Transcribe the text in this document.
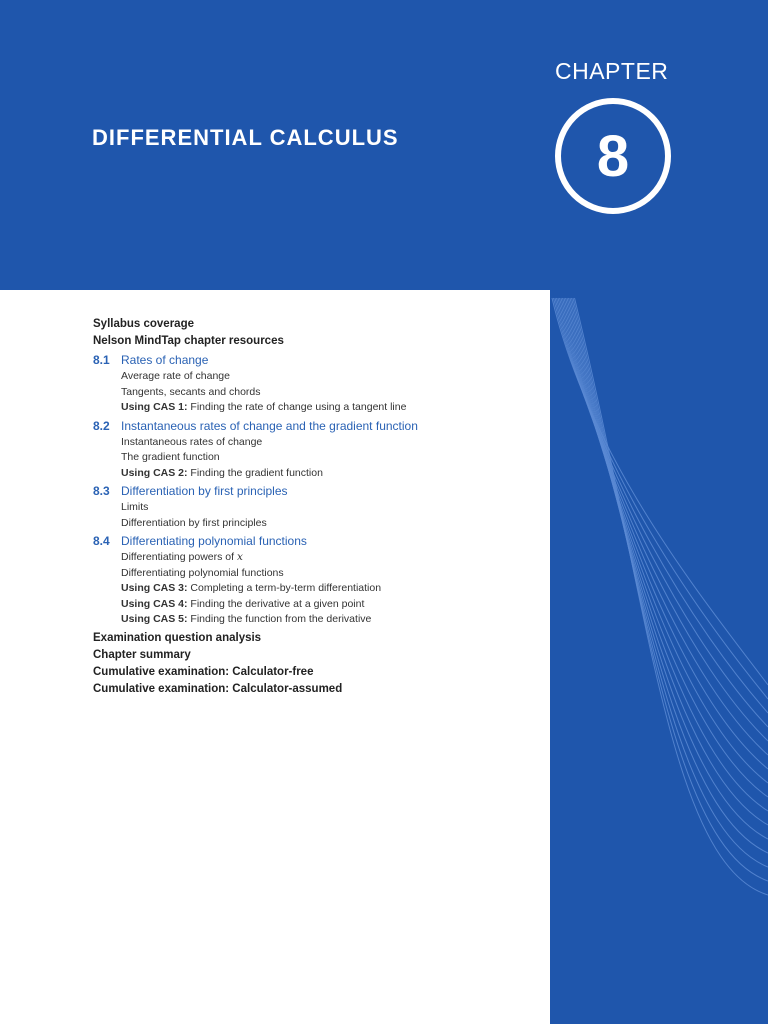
CHAPTER
8
DIFFERENTIAL CALCULUS
Syllabus coverage
Nelson MindTap chapter resources
8.1 Rates of change
Average rate of change
Tangents, secants and chords
Using CAS 1: Finding the rate of change using a tangent line
8.2 Instantaneous rates of change and the gradient function
Instantaneous rates of change
The gradient function
Using CAS 2: Finding the gradient function
8.3 Differentiation by first principles
Limits
Differentiation by first principles
8.4 Differentiating polynomial functions
Differentiating powers of x
Differentiating polynomial functions
Using CAS 3: Completing a term-by-term differentiation
Using CAS 4: Finding the derivative at a given point
Using CAS 5: Finding the function from the derivative
Examination question analysis
Chapter summary
Cumulative examination: Calculator-free
Cumulative examination: Calculator-assumed
